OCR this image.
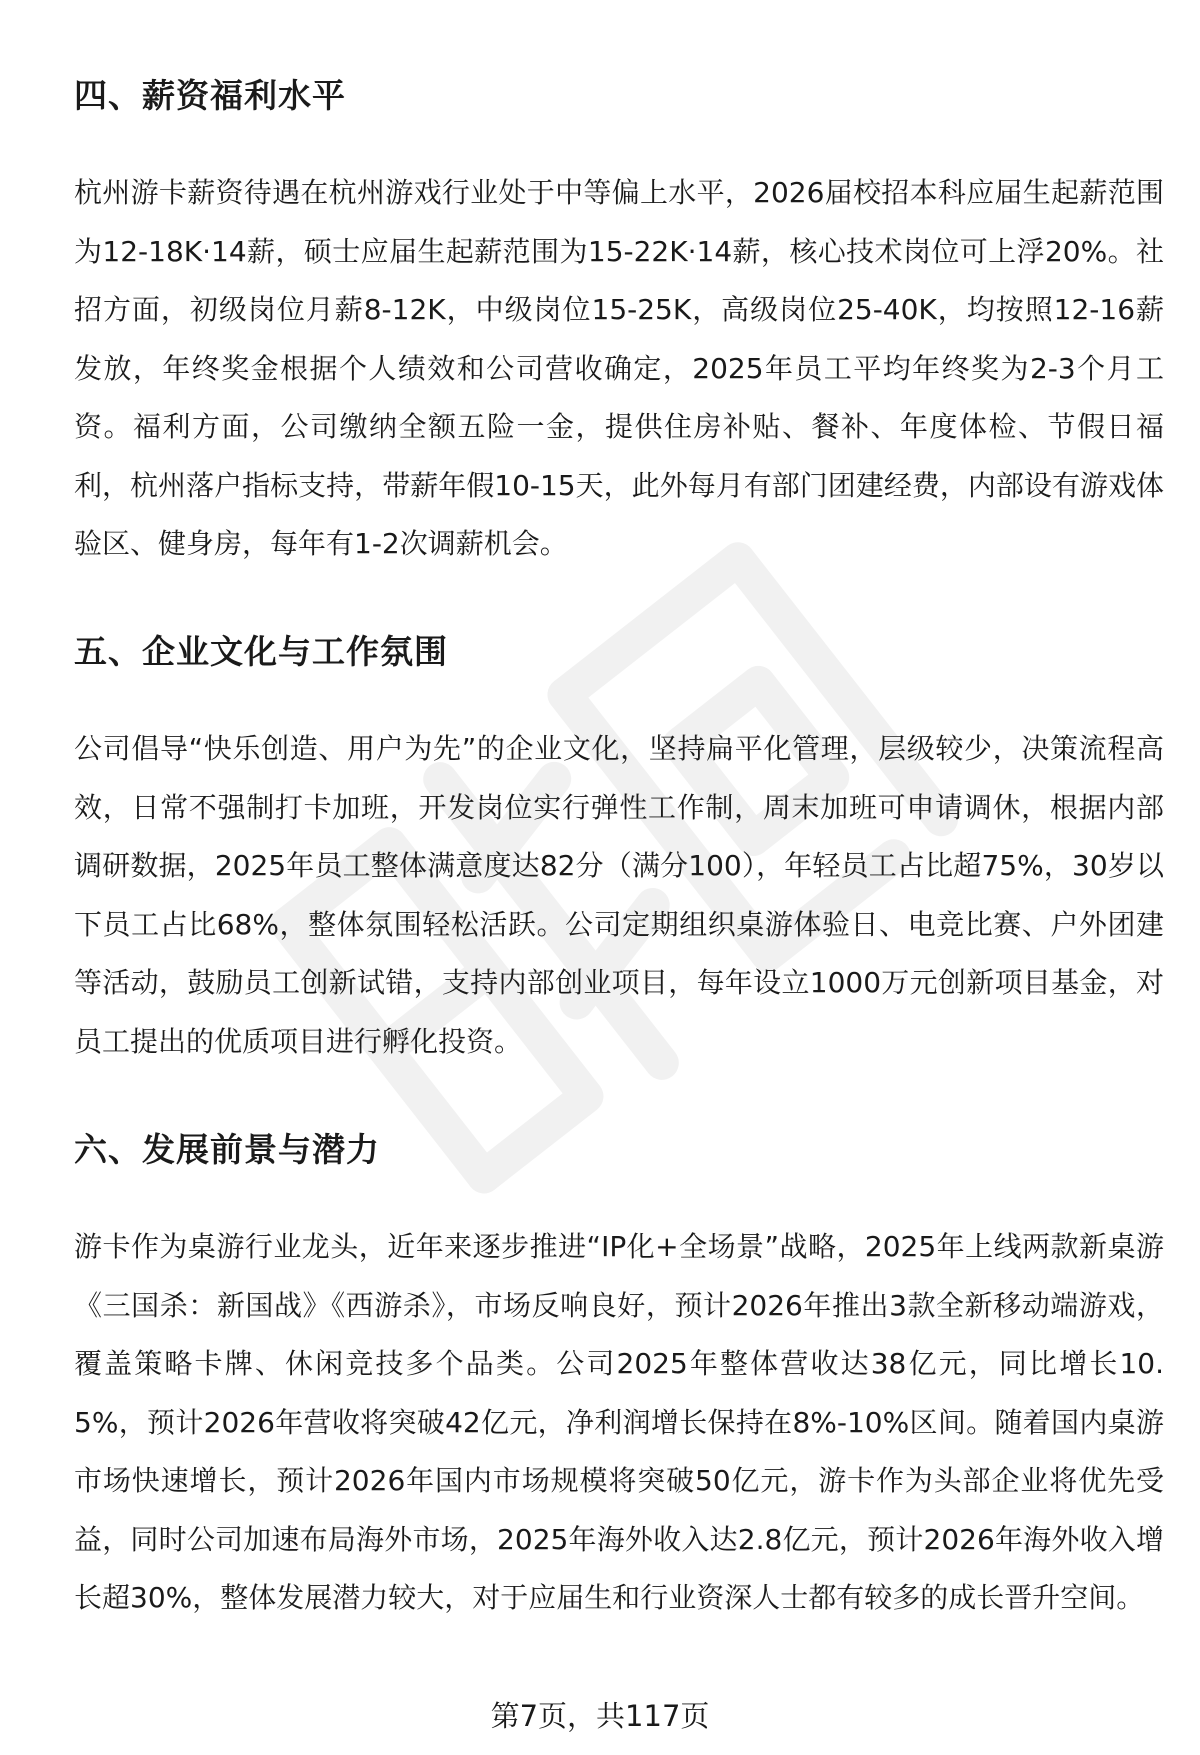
四、薪资福利水平

杭州游卡薪资待遇在杭州游戏行业处于中等偏上水平，2026届校招本科应届生起薪范围为12-18K·14薪，硕士应届生起薪范围为15-22K·14薪，核心技术岗位可上浮20%。社招方面，初级岗位月薪8-12K，中级岗位15-25K，高级岗位25-40K，均按照12-16薪发放，年终奖金根据个人绩效和公司营收确定，2025年员工平均年终奖为2-3个月工资。福利方面，公司缴纳全额五险一金，提供住房补贴、餐补、年度体检、节假日福利，杭州落户指标支持，带薪年假10-15天，此外每月有部门团建经费，内部设有游戏体验区、健身房，每年有1-2次调薪机会。

五、企业文化与工作氛围

公司倡导“快乐创造、用户为先”的企业文化，坚持扁平化管理，层级较少，决策流程高效，日常不强制打卡加班，开发岗位实行弹性工作制，周末加班可申请调休，根据内部调研数据，2025年员工整体满意度达82分（满分100），年轻员工占比超75%，30岁以下员工占比68%，整体氛围轻松活跃。公司定期组织桌游体验日、电竞比赛、户外团建等活动，鼓励员工创新试错，支持内部创业项目，每年设立1000万元创新项目基金，对员工提出的优质项目进行孵化投资。

六、发展前景与潜力

游卡作为桌游行业龙头，近年来逐步推进“IP化+全场景”战略，2025年上线两款新桌游《三国杀：新国战》《西游杀》，市场反响良好，预计2026年推出3款全新移动端游戏，覆盖策略卡牌、休闲竞技多个品类。公司2025年整体营收达38亿元，同比增长10.5%，预计2026年营收将突破42亿元，净利润增长保持在8%-10%区间。随着国内桌游市场快速增长，预计2026年国内市场规模将突破50亿元，游卡作为头部企业将优先受益，同时公司加速布局海外市场，2025年海外收入达2.8亿元，预计2026年海外收入增长超30%，整体发展潜力较大，对于应届生和行业资深人士都有较多的成长晋升空间。

第7页，共117页
